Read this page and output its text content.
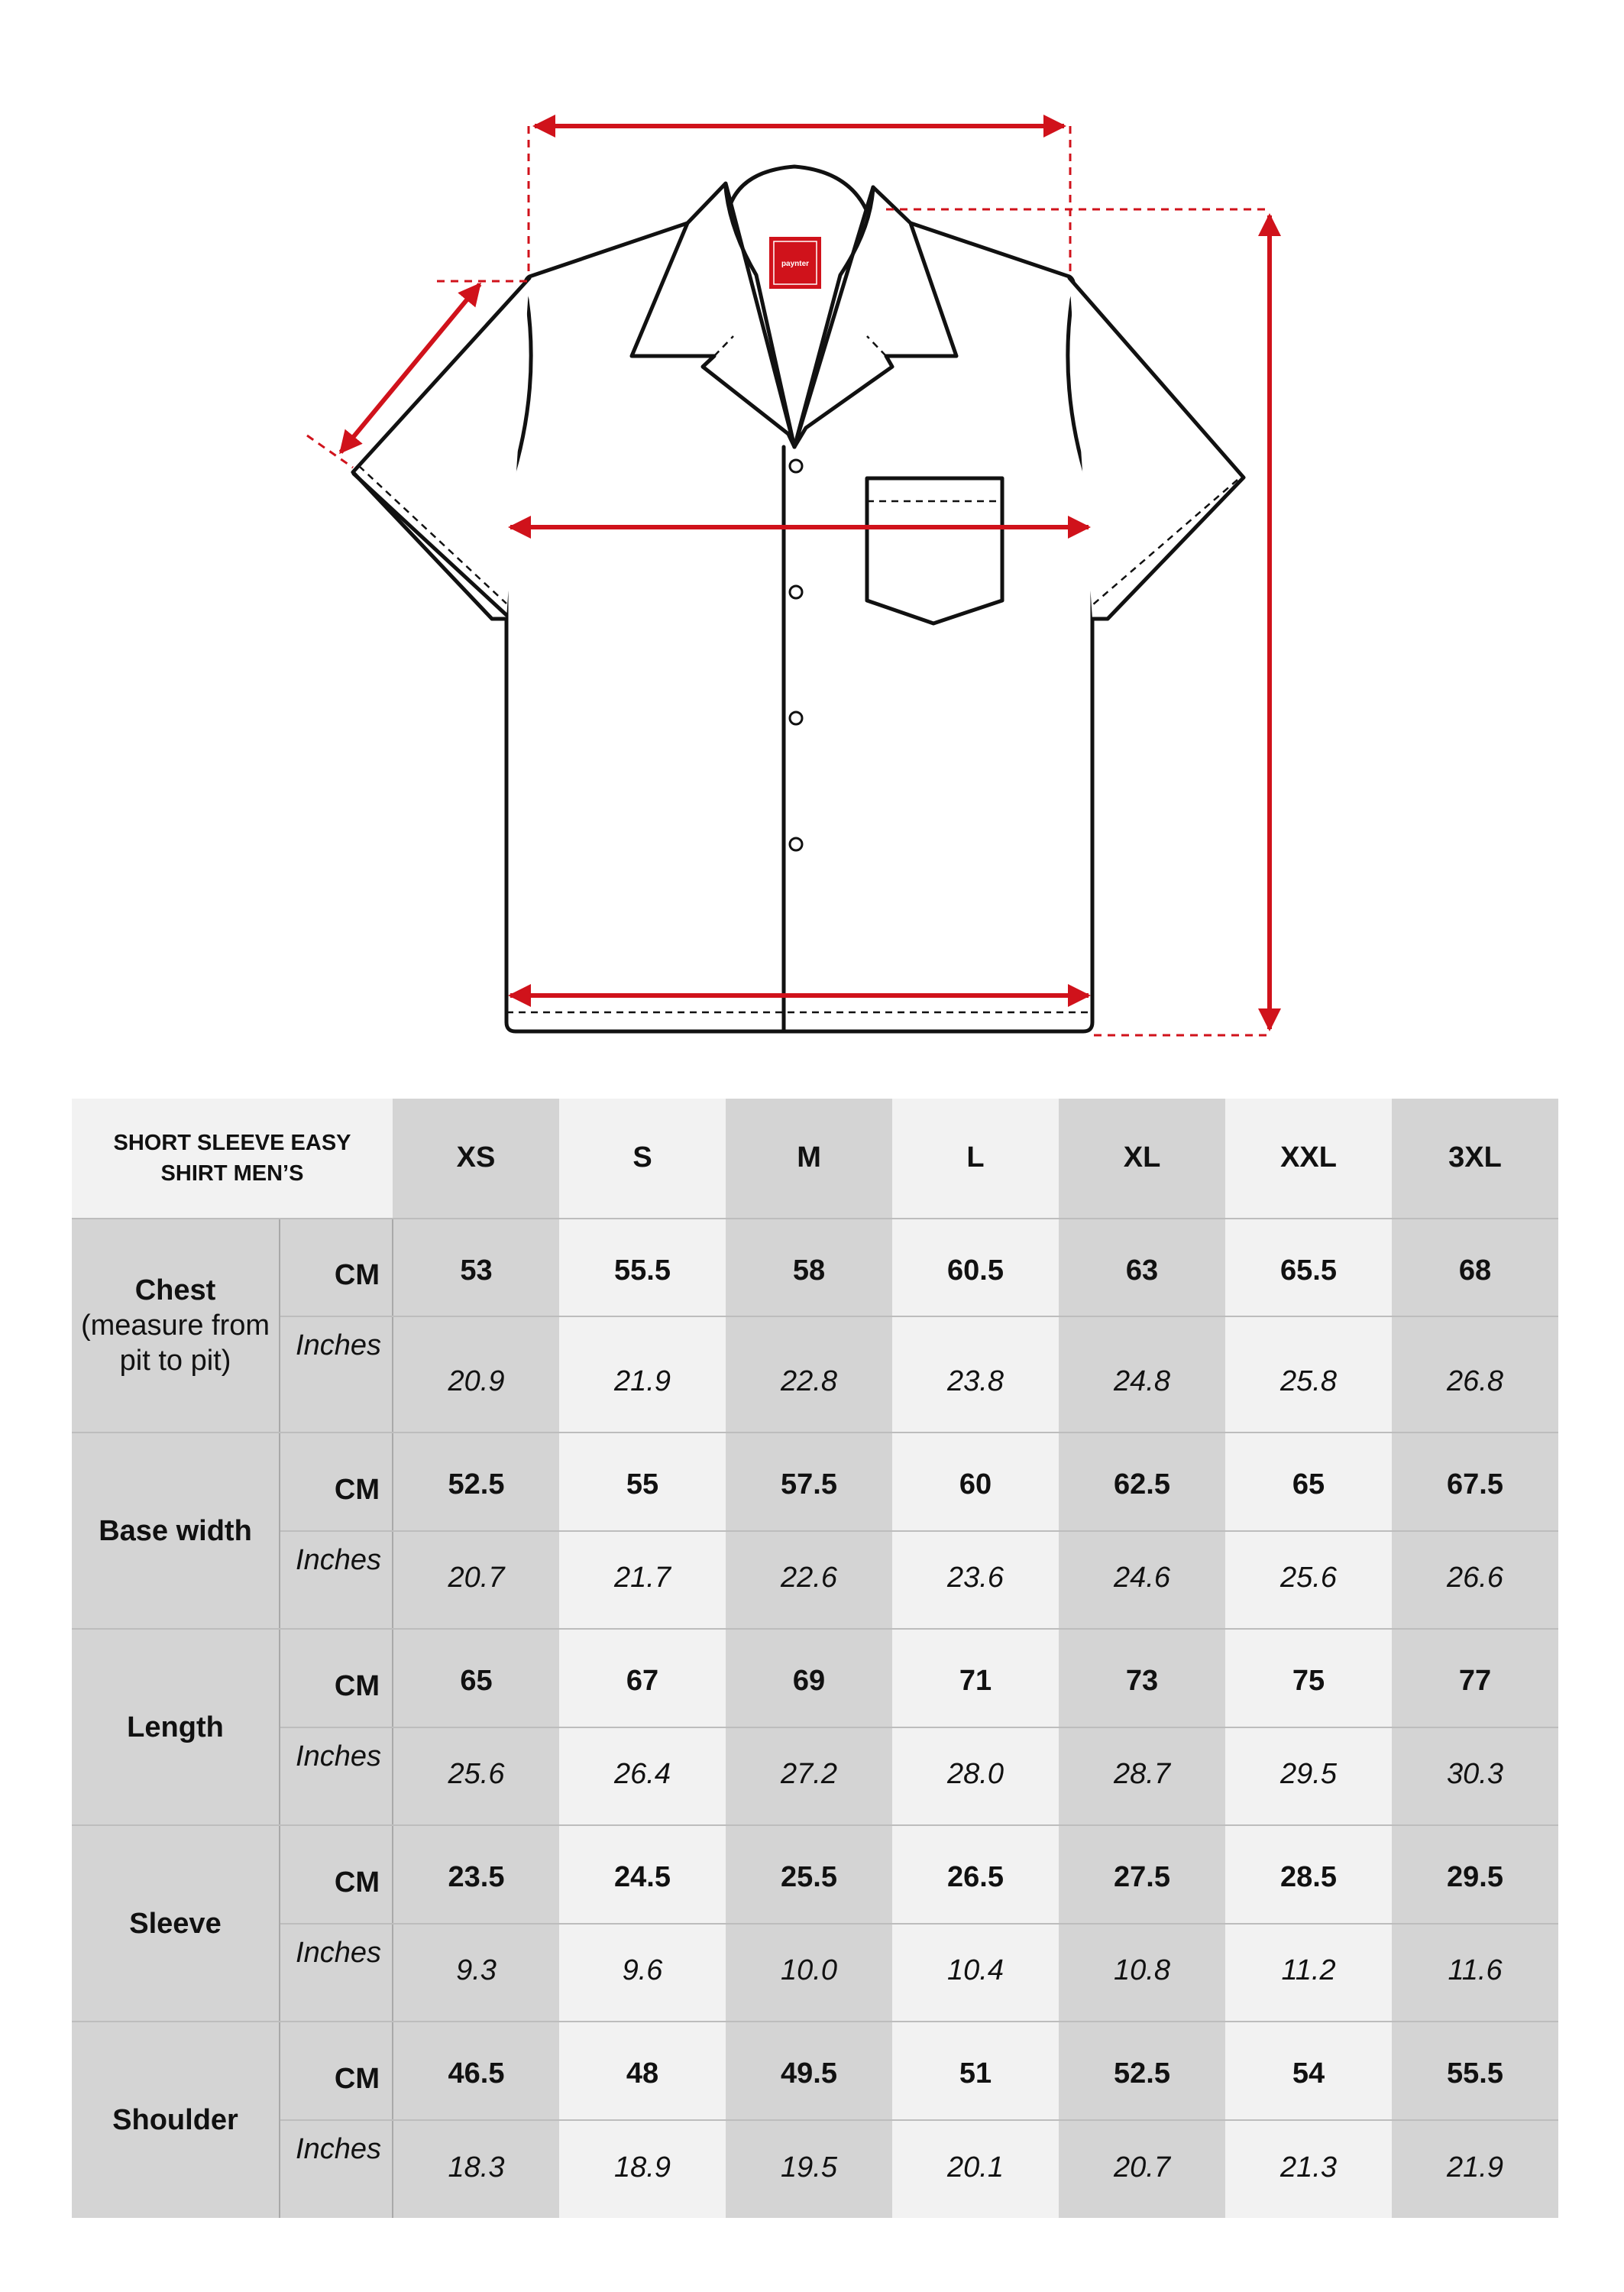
paynter
SHORT SLEEVE EASY
SHIRT MEN’S		XS	S	M	L	XL	XXL	3XL

Chest
(measure from
pit to pit)	CM	53	55.5	58	60.5	63	65.5	68
	Inches	20.9	21.9	22.8	23.8	24.8	25.8	26.8
Base width	CM	52.5	55	57.5	60	62.5	65	67.5
	Inches	20.7	21.7	22.6	23.6	24.6	25.6	26.6
Length	CM	65	67	69	71	73	75	77
	Inches	25.6	26.4	27.2	28.0	28.7	29.5	30.3
Sleeve	CM	23.5	24.5	25.5	26.5	27.5	28.5	29.5
	Inches	9.3	9.6	10.0	10.4	10.8	11.2	11.6
Shoulder	CM	46.5	48	49.5	51	52.5	54	55.5
	Inches	18.3	18.9	19.5	20.1	20.7	21.3	21.9
